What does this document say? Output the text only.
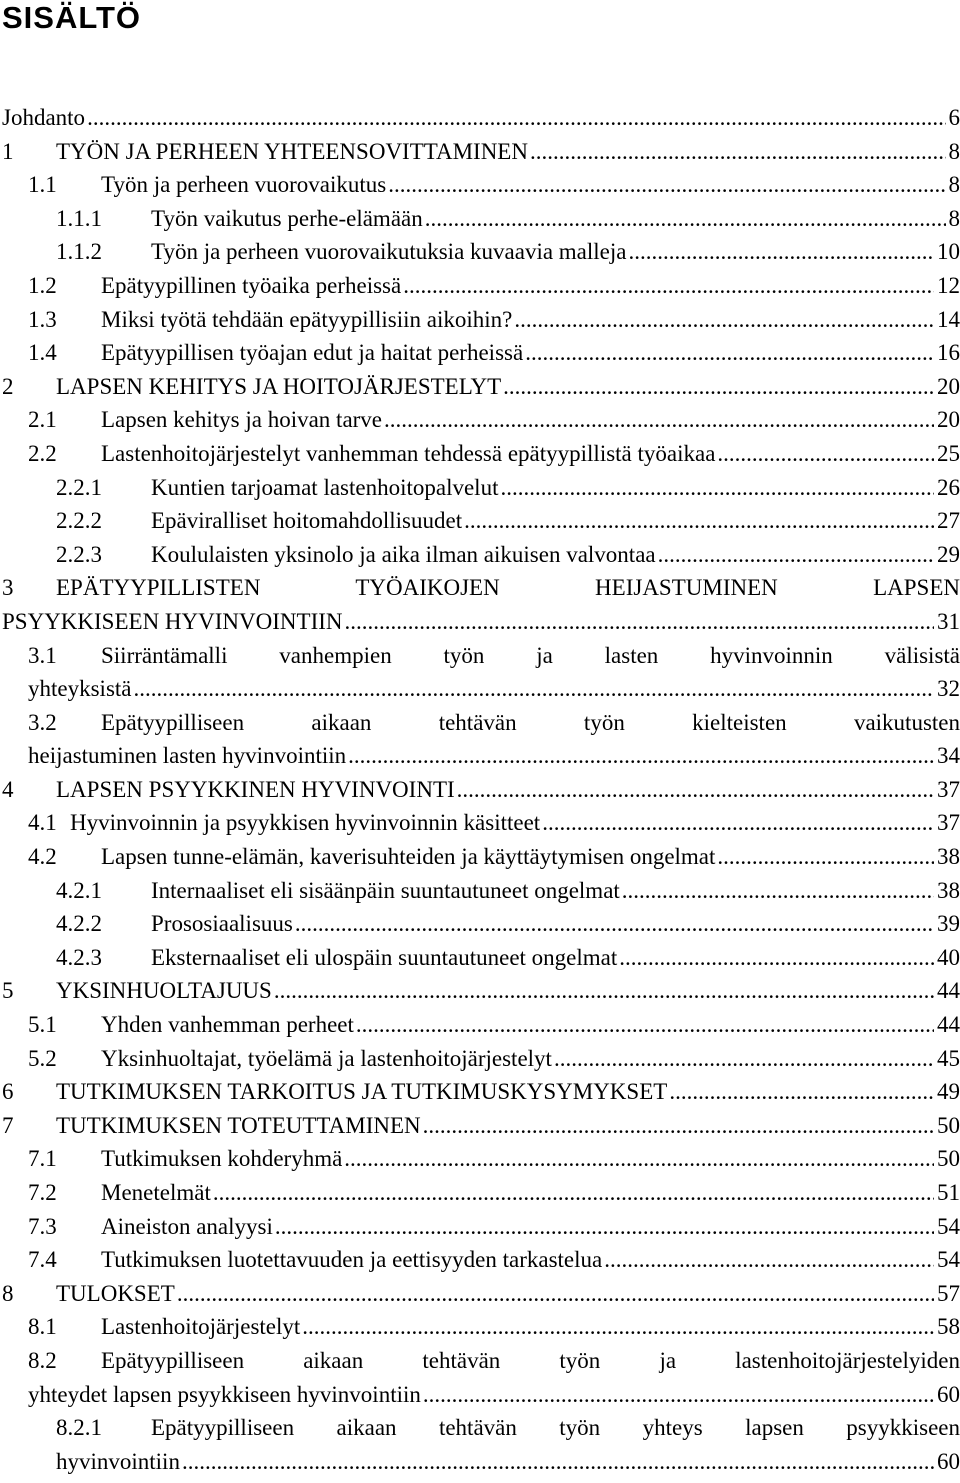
SISÄLTÖ
Johdanto .....	6
1 TYÖN JA PERHEEN YHTEENSOVITTAMINEN .....	8
1.1 Työn ja perheen vuorovaikutus .....	8
1.1.1 Työn vaikutus perhe-elämään .....	8
1.1.2 Työn ja perheen vuorovaikutuksia kuvaavia malleja .....	10
1.2 Epätyypillinen työaika perheissä .....	12
1.3 Miksi työtä tehdään epätyypillisiin aikoihin? .....	14
1.4 Epätyypillisen työajan edut ja haitat perheissä .....	16
2 LAPSEN KEHITYS JA HOITOJÄRJESTELYT .....	20
2.1 Lapsen kehitys ja hoivan tarve .....	20
2.2 Lastenhoitojärjestelyt vanhemman tehdessä epätyypillistä työaikaa .....	25
2.2.1 Kuntien tarjoamat lastenhoitopalvelut .....	26
2.2.2 Epäviralliset hoitomahdollisuudet .....	27
2.2.3 Koululaisten yksinolo ja aika ilman aikuisen valvontaa .....	29
3 EPÄTYYPILLISTEN TYÖAIKOJEN HEIJASTUMINEN LAPSEN
PSYYKKISEEN HYVINVOINTIIN .....	31
3.1 Siirräntämalli vanhempien työn ja lasten hyvinvoinnin välisistä
yhteyksistä .....	32
3.2 Epätyypilliseen aikaan tehtävän työn kielteisten vaikutusten
heijastuminen lasten hyvinvointiin .....	34
4 LAPSEN PSYYKKINEN HYVINVOINTI .....	37
4.1 Hyvinvoinnin ja psyykkisen hyvinvoinnin käsitteet .....	37
4.2 Lapsen tunne-elämän, kaverisuhteiden ja käyttäytymisen ongelmat .....	38
4.2.1 Internaaliset eli sisäänpäin suuntautuneet ongelmat .....	38
4.2.2 Prososiaalisuus .....	39
4.2.3 Eksternaaliset eli ulospäin suuntautuneet ongelmat .....	40
5 YKSINHUOLTAJUUS .....	44
5.1 Yhden vanhemman perheet .....	44
5.2 Yksinhuoltajat, työelämä ja lastenhoitojärjestelyt .....	45
6 TUTKIMUKSEN TARKOITUS JA TUTKIMUSKYSYMYKSET .....	49
7 TUTKIMUKSEN TOTEUTTAMINEN .....	50
7.1 Tutkimuksen kohderyhmä .....	50
7.2 Menetelmät .....	51
7.3 Aineiston analyysi .....	54
7.4 Tutkimuksen luotettavuuden ja eettisyyden tarkastelua .....	54
8 TULOKSET .....	57
8.1 Lastenhoitojärjestelyt .....	58
8.2 Epätyypilliseen aikaan tehtävän työn ja lastenhoitojärjestelyiden
yhteydet lapsen psyykkiseen hyvinvointiin .....	60
8.2.1 Epätyypilliseen aikaan tehtävän työn yhteys lapsen psyykkiseen
hyvinvointiin .....	60
